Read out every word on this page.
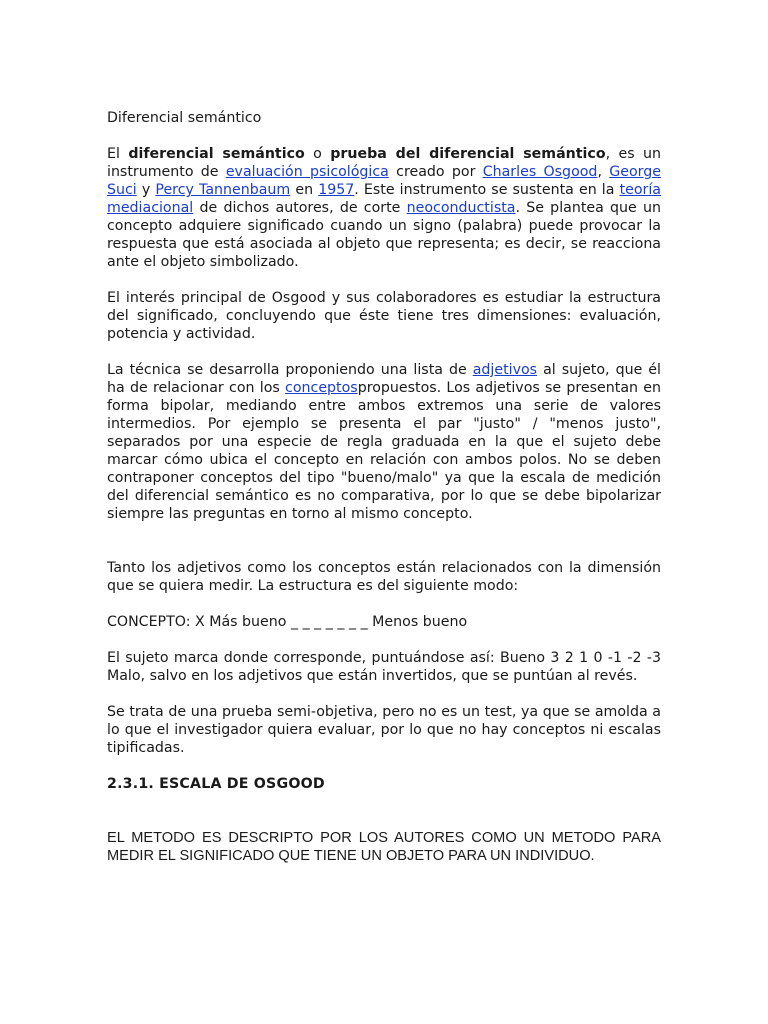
Diferencial semántico

El diferencial semántico o prueba del diferencial semántico, es un instrumento de evaluación psicológica creado por Charles Osgood, George Suci y Percy Tannenbaum en 1957. Este instrumento se sustenta en la teoría mediacional de dichos autores, de corte neoconductista. Se plantea que un concepto adquiere significado cuando un signo (palabra) puede provocar la respuesta que está asociada al objeto que representa; es decir, se reacciona ante el objeto simbolizado.

El interés principal de Osgood y sus colaboradores es estudiar la estructura del significado, concluyendo que éste tiene tres dimensiones: evaluación, potencia y actividad.

La técnica se desarrolla proponiendo una lista de adjetivos al sujeto, que él ha de relacionar con los conceptospropuestos. Los adjetivos se presentan en forma bipolar, mediando entre ambos extremos una serie de valores intermedios. Por ejemplo se presenta el par "justo" / "menos justo", separados por una especie de regla graduada en la que el sujeto debe marcar cómo ubica el concepto en relación con ambos polos. No se deben contraponer conceptos del tipo "bueno/malo" ya que la escala de medición del diferencial semántico es no comparativa, por lo que se debe bipolarizar siempre las preguntas en torno al mismo concepto.

Tanto los adjetivos como los conceptos están relacionados con la dimensión que se quiera medir. La estructura es del siguiente modo:

CONCEPTO: X Más bueno _ _ _ _ _ _ _ Menos bueno

El sujeto marca donde corresponde, puntuándose así: Bueno 3 2 1 0 -1 -2 -3 Malo, salvo en los adjetivos que están invertidos, que se puntúan al revés.

Se trata de una prueba semi-objetiva, pero no es un test, ya que se amolda a lo que el investigador quiera evaluar, por lo que no hay conceptos ni escalas tipificadas.

2.3.1. ESCALA DE OSGOOD

EL METODO ES DESCRIPTO POR LOS AUTORES COMO UN METODO PARA MEDIR EL SIGNIFICADO QUE TIENE UN OBJETO PARA UN INDIVIDUO.
